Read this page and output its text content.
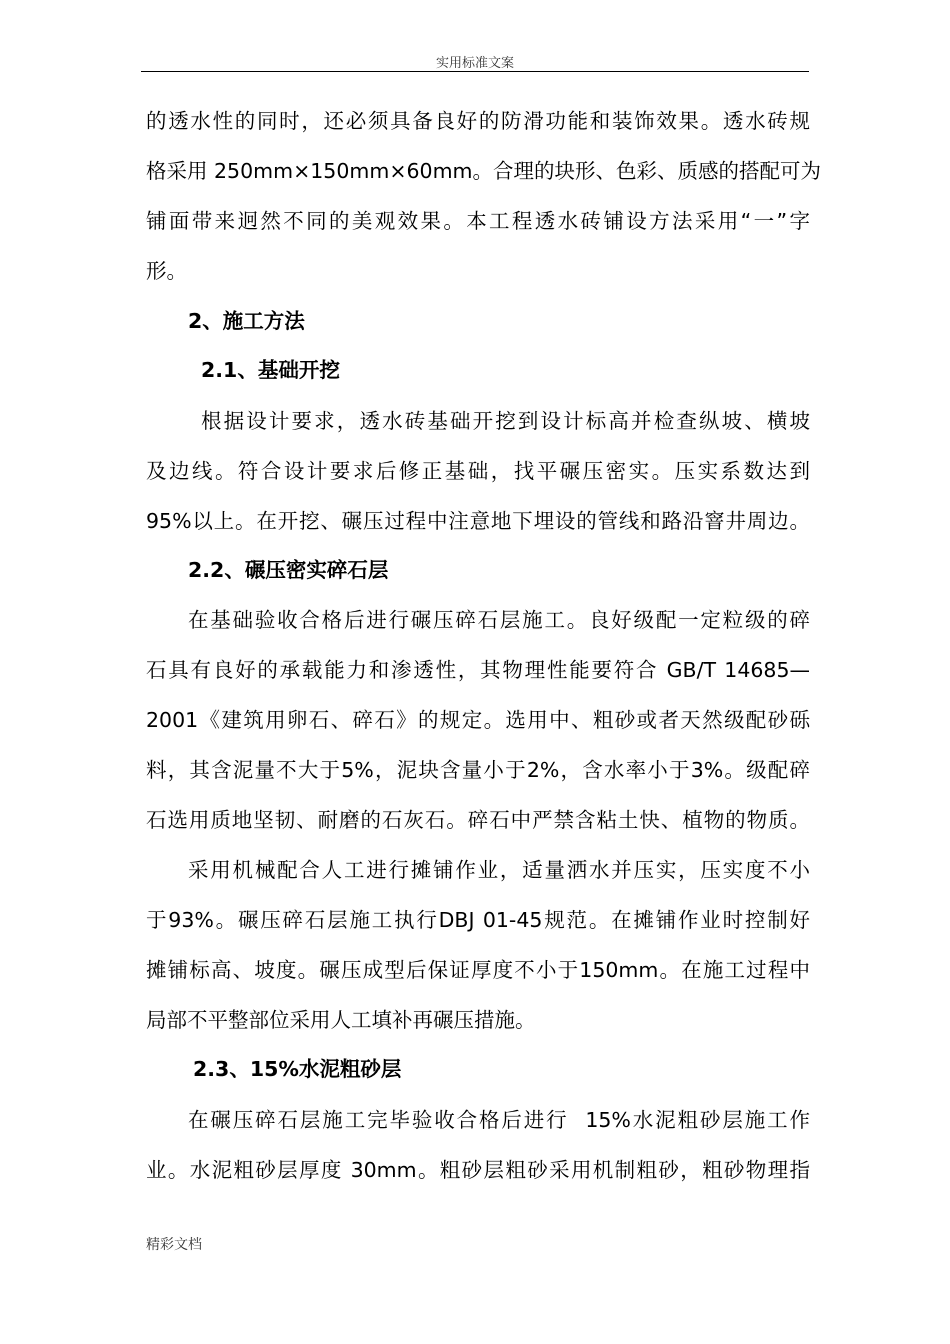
实用标准文案
的透水性的同时，还必须具备良好的防滑功能和装饰效果。透水砖规
格采用 250mm×150mm×60mm。合理的块形、色彩、质感的搭配可为
铺面带来迥然不同的美观效果。本工程透水砖铺设方法采用“一”字
形。
2、施工方法
2.1、基础开挖
根据设计要求，透水砖基础开挖到设计标高并检查纵坡、横坡
及边线。符合设计要求后修正基础，找平碾压密实。压实系数达到
95%以上。在开挖、碾压过程中注意地下埋设的管线和路沿窨井周边。
2.2、碾压密实碎石层
在基础验收合格后进行碾压碎石层施工。良好级配一定粒级的碎
石具有良好的承载能力和渗透性，其物理性能要符合 GB/T 14685—
2001《建筑用卵石、碎石》的规定。选用中、粗砂或者天然级配砂砾
料，其含泥量不大于5%，泥块含量小于2%，含水率小于3%。级配碎
石选用质地坚韧、耐磨的石灰石。碎石中严禁含粘土快、植物的物质。
采用机械配合人工进行摊铺作业，适量洒水并压实，压实度不小
于93%。碾压碎石层施工执行DBJ 01-45规范。在摊铺作业时控制好
摊铺标高、坡度。碾压成型后保证厚度不小于150mm。在施工过程中
局部不平整部位采用人工填补再碾压措施。
2.3、15%水泥粗砂层
在碾压碎石层施工完毕验收合格后进行  15%水泥粗砂层施工作
业。水泥粗砂层厚度 30mm。粗砂层粗砂采用机制粗砂，粗砂物理指
精彩文档
